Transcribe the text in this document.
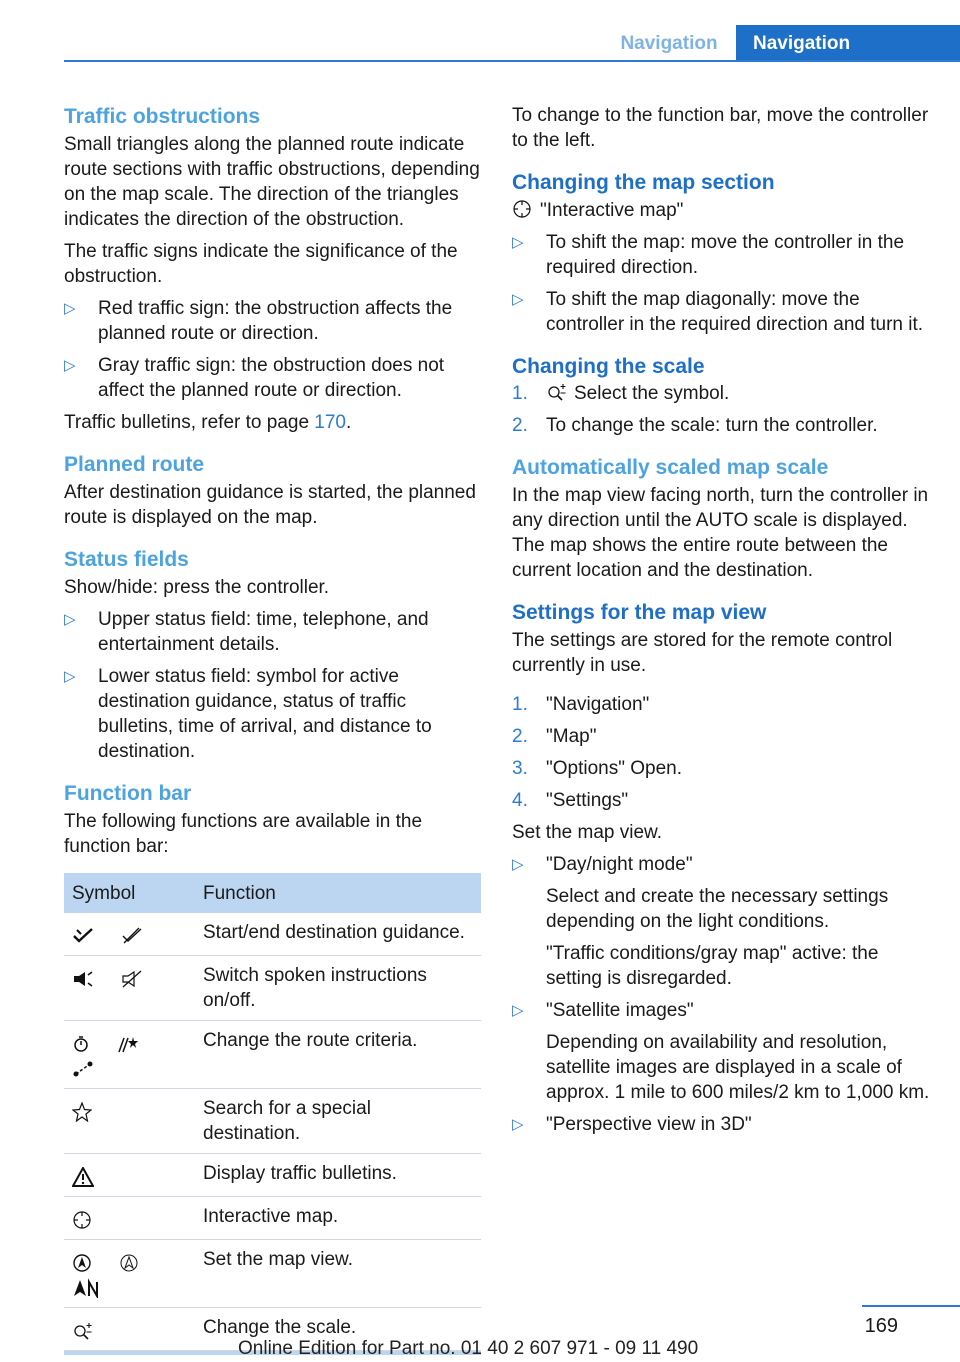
Navigation	Navigation
Traffic obstructions

Small triangles along the planned route indicate route sections with traffic obstructions, depending on the map scale. The direction of the triangles indicates the direction of the obstruction.

The traffic signs indicate the significance of the obstruction.

▷	Red traffic sign: the obstruction affects the planned route or direction.
▷	Gray traffic sign: the obstruction does not affect the planned route or direction.

Traffic bulletins, refer to page 170.

Planned route

After destination guidance is started, the planned route is displayed on the map.

Status fields

Show/hide: press the controller.

▷	Upper status field: time, telephone, and entertainment details.
▷	Lower status field: symbol for active destination guidance, status of traffic bulletins, time of arrival, and distance to destination.
Function bar

The following functions are available in the function bar:

Symbol	Function
	Start/end destination guidance.
	Switch spoken instructions on/off.
	Change the route criteria.
	Search for a special destination.
	Display traffic bulletins.
	Interactive map.
	Set the map view.
	Change the scale.

To change to the function bar, move the controller to the left.

Changing the map section

"Interactive map"

▷	To shift the map: move the controller in the required direction.
▷	To shift the map diagonally: move the controller in the required direction and turn it.
Changing the scale
1.	Select the symbol.
2. To change the scale: turn the controller.
Automatically scaled map scale

In the map view facing north, turn the controller in any direction until the AUTO scale is displayed. The map shows the entire route between the current location and the destination.

Settings for the map view

The settings are stored for the remote control currently in use.

1. "Navigation"
2. "Map"
3. "Options" Open.
4. "Settings"

Set the map view.

▷	"Day/night mode"
Select and create the necessary settings depending on the light conditions.
"Traffic conditions/gray map" active: the setting is disregarded.
▷	"Satellite images"
Depending on availability and resolution, satellite images are displayed in a scale of approx. 1 mile to 600 miles/2 km to 1,000 km.
▷	"Perspective view in 3D"
169
Online Edition for Part no. 01 40 2 607 971 - 09 11 490
